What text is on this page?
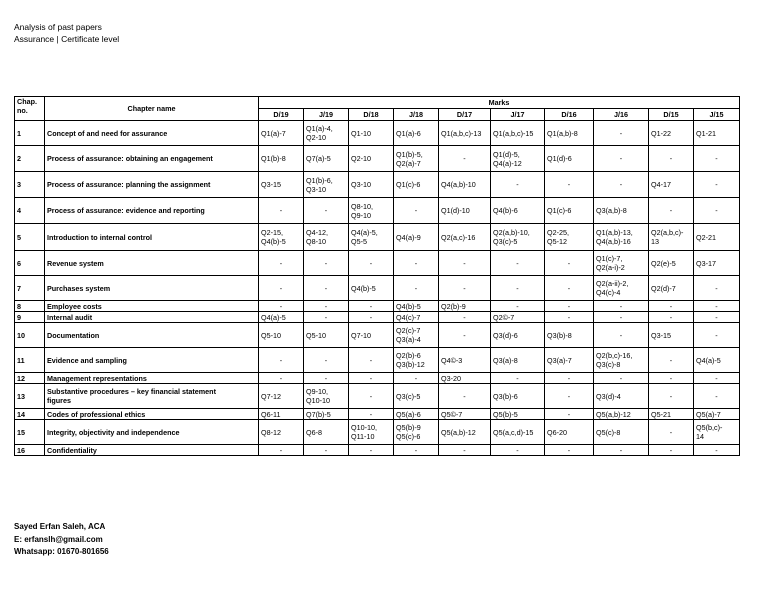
Analysis of past papers
Assurance | Certificate level
Chap.
no.	Chapter name	Marks									
		D/19	J/19	D/18	J/18	D/17	J/17	D/16	J/16	D/15	J/15
1	Concept of and need for assurance	Q1(a)-7	Q1(a)-4,
Q2-10	Q1-10	Q1(a)-6	Q1(a,b,c)-13	Q1(a,b,c)-15	Q1(a,b)-8	-	Q1-22	Q1-21
2	Process of assurance: obtaining an engagement	Q1(b)-8	Q7(a)-5	Q2-10	Q1(b)-5,
Q2(a)-7	-	Q1(d)-5,
Q4(a)-12	Q1(d)-6	-	-	-
3	Process of assurance: planning the assignment	Q3-15	Q1(b)-6,
Q3-10	Q3-10	Q1(c)-6	Q4(a,b)-10	-	-	-	Q4-17	-
4	Process of assurance: evidence and reporting	-	-	Q8-10,
Q9-10	-	Q1(d)-10	Q4(b)-6	Q1(c)-6	Q3(a,b)-8	-	-
5	Introduction to internal control	Q2-15,
Q4(b)-5	Q4-12,
Q8-10	Q4(a)-5,
Q5-5	Q4(a)-9	Q2(a,c)-16	Q2(a,b)-10,
Q3(c)-5	Q2-25,
Q5-12	Q1(a,b)-13,
Q4(a,b)-16	Q2(a,b,c)-
13	Q2-21
6	Revenue system	-	-	-	-	-	-	-	Q1(c)-7,
Q2(a-i)-2	Q2(e)-5	Q3-17
7	Purchases system	-	-	Q4(b)-5	-	-	-	-	Q2(a-ii)-2,
Q4(c)-4	Q2(d)-7	-
8	Employee costs	-	-	-	Q4(b)-5	Q2(b)-9	-	-	-	-	-
9	Internal audit	Q4(a)-5	-	-	Q4(c)-7	-	Q2©-7	-	-	-	-
10	Documentation	Q5-10	Q5-10	Q7-10	Q2(c)-7
Q3(a)-4	-	Q3(d)-6	Q3(b)-8	-	Q3-15	-
11	Evidence and sampling	-	-	-	Q2(b)-6
Q3(b)-12	Q4©-3	Q3(a)-8	Q3(a)-7	Q2(b,c)-16,
Q3(c)-8	-	Q4(a)-5
12	Management representations	-	-	-	-	Q3-20	-	-	-	-	-
13	Substantive procedures – key financial statement
figures	Q7-12	Q9-10,
Q10-10	-	Q3(c)-5	-	Q3(b)-6	-	Q3(d)-4	-	-
14	Codes of professional ethics	Q6-11	Q7(b)-5	-	Q5(a)-6	Q5©-7	Q5(b)-5	-	Q5(a,b)-12	Q5-21	Q5(a)-7
15	Integrity, objectivity and independence	Q8-12	Q6-8	Q10-10,
Q11-10	Q5(b)-9
Q5(c)-6	Q5(a,b)-12	Q5(a,c,d)-15	Q6-20	Q5(c)-8	-	Q5(b,c)-
14
16	Confidentiality	-	-	-	-	-	-	-	-	-	-
Sayed Erfan Saleh, ACA
E: erfanslh@gmail.com
Whatsapp: 01670-801656
